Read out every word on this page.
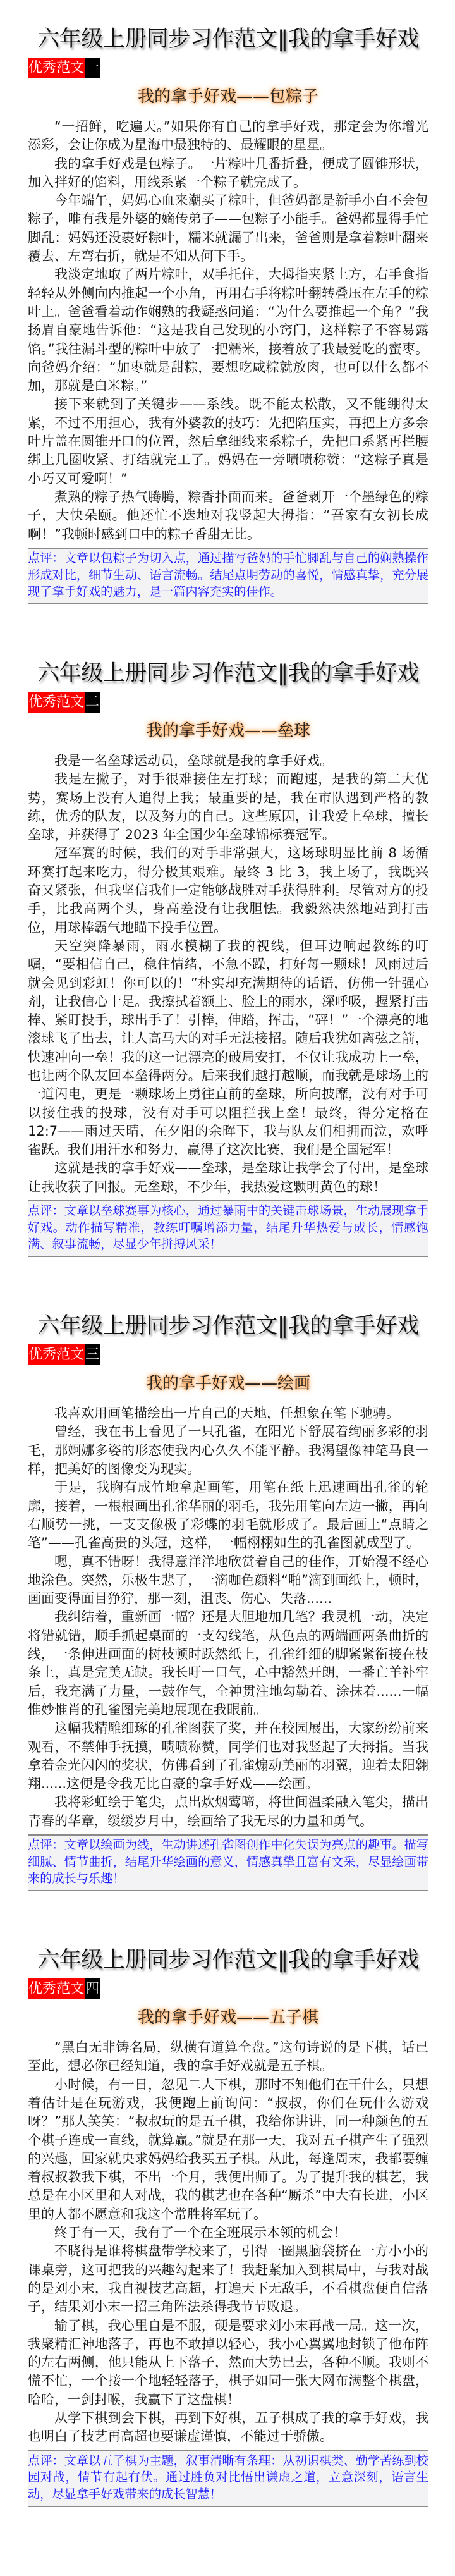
六年级上册同步习作范文‖我的拿手好戏
优秀范文 一
我的拿手好戏——包粽子

“一招鲜，吃遍天。”如果你有自己的拿手好戏，那定会为你增光添彩，会让你成为星海中最独特的、最耀眼的星星。

我的拿手好戏是包粽子。一片粽叶几番折叠，便成了圆锥形状，加入拌好的馅料，用线系紧一个粽子就完成了。

今年端午，妈妈心血来潮买了粽叶，但爸妈都是新手小白不会包粽子，唯有我是外婆的嫡传弟子——包粽子小能手。爸妈都显得手忙脚乱：妈妈还没裹好粽叶，糯米就漏了出来，爸爸则是拿着粽叶翻来覆去、左弯右折，就是不知从何下手。

我淡定地取了两片粽叶，双手托住，大拇指夹紧上方，右手食指轻轻从外侧向内推起一个小角，再用右手将粽叶翻转叠压在左手的粽叶上。爸爸看着动作娴熟的我疑惑问道：“为什么要推起一个角？”我扬眉自豪地告诉他：“这是我自己发现的小窍门，这样粽子不容易露馅。”我往漏斗型的粽叶中放了一把糯米，接着放了我最爱吃的蜜枣。向爸妈介绍：“加枣就是甜粽，要想吃咸粽就放肉，也可以什么都不加，那就是白米粽。”

接下来就到了关键步——系线。既不能太松散，又不能绷得太紧，不过不用担心，我有外婆教的技巧：先把陷压实，再把上方多余叶片盖在圆锥开口的位置，然后拿细线来系粽子，先把口系紧再拦腰绑上几圈收紧、打结就完工了。妈妈在一旁啧啧称赞：“这粽子真是小巧又可爱啊！”

煮熟的粽子热气腾腾，粽香扑面而来。爸爸剥开一个墨绿色的粽子，大快朵颐。他还忙不迭地对我竖起大拇指：“吾家有女初长成啊！”我顿时感到口中的粽子香甜无比。

点评：文章以包粽子为切入点，通过描写爸妈的手忙脚乱与自己的娴熟操作形成对比，细节生动、语言流畅。结尾点明劳动的喜悦，情感真挚，充分展现了拿手好戏的魅力，是一篇内容充实的佳作。

六年级上册同步习作范文‖我的拿手好戏
优秀范文 二
我的拿手好戏——垒球

我是一名垒球运动员，垒球就是我的拿手好戏。

我是左撇子，对手很难接住左打球；而跑速，是我的第二大优势，赛场上没有人追得上我；最重要的是，我在市队遇到严格的教练，优秀的队友，以及努力的自己。这些原因，让我爱上垒球，擅长垒球，并获得了 2023 年全国少年垒球锦标赛冠军。

冠军赛的时候，我们的对手非常强大，这场球明显比前 8 场循环赛打起来吃力，得分极其艰难。最终 3 比 3，我上场了，我既兴奋又紧张，但我坚信我们一定能够战胜对手获得胜利。尽管对方的投手，比我高两个头，身高差没有让我胆怯。我毅然决然地站到打击位，用球棒霸气地瞄下投手位置。

天空突降暴雨，雨水模糊了我的视线，但耳边响起教练的叮嘱，“要相信自己，稳住情绪，不急不躁，打好每一颗球！风雨过后就会见到彩虹！你可以的！”朴实却充满期待的话语，仿佛一针强心剂，让我信心十足。我擦拭着额上、脸上的雨水，深呼吸，握紧打击棒、紧盯投手，球出手了！引棒，伸踏，挥击，“砰！”一个漂亮的地滚球飞了出去，让人高马大的对手无法接招。随后我犹如离弦之箭，快速冲向一垒！我的这一记漂亮的破局安打，不仅让我成功上一垒，也让两个队友回本垒得两分。后来我们越打越顺，而我就是球场上的一道闪电，更是一颗球场上勇往直前的垒球，所向披靡，没有对手可以接住我的投球，没有对手可以阻拦我上垒！最终，得分定格在 12:7——雨过天晴，在夕阳的余晖下，我与队友们相拥而泣，欢呼雀跃。我们用汗水和努力，赢得了这次比赛，我们是全国冠军！

这就是我的拿手好戏——垒球，是垒球让我学会了付出，是垒球让我收获了回报。无垒球，不少年，我热爱这颗明黄色的球！

点评：文章以垒球赛事为核心，通过暴雨中的关键击球场景，生动展现拿手好戏。动作描写精准，教练叮嘱增添力量，结尾升华热爱与成长，情感饱满、叙事流畅，尽显少年拼搏风采！

六年级上册同步习作范文‖我的拿手好戏
优秀范文 三
我的拿手好戏——绘画

我喜欢用画笔描绘出一片自己的天地，任想象在笔下驰骋。

曾经，我在书上看见了一只孔雀，在阳光下舒展着绚丽多彩的羽毛，那婀娜多姿的形态使我内心久久不能平静。我渴望像神笔马良一样，把美好的图像变为现实。

于是，我胸有成竹地拿起画笔，用笔在纸上迅速画出孔雀的轮廓，接着，一根根画出孔雀华丽的羽毛，我先用笔向左边一撇，再向右顺势一挑，一支支像极了彩蝶的羽毛就形成了。最后画上“点睛之笔”——孔雀高贵的头冠，这样，一幅栩栩如生的孔雀图就成型了。

嗯，真不错呀！我得意洋洋地欣赏着自己的佳作，开始漫不经心地涂色。突然，乐极生悲了，一滴咖色颜料“啪”滴到画纸上，顿时，画面变得面目狰狞，那一刻，沮丧、伤心、失落......

我纠结着，重新画一幅？还是大胆地加几笔？我灵机一动，决定将错就错，顺手抓起桌面的一支勾线笔，从色点的两端画两条曲折的线，一条伸进画面的树枝顿时跃然纸上，孔雀纤细的脚紧紧衔接在枝条上，真是完美无缺。我长吁一口气，心中豁然开朗，一番亡羊补牢后，我充满了力量，一鼓作气，全神贯注地勾勒着、涂抹着......一幅惟妙惟肖的孔雀图完美地展现在我眼前。

这幅我精雕细琢的孔雀图获了奖，并在校园展出，大家纷纷前来观看，不禁伸手抚摸，啧啧称赞，同学们也对我竖起了大拇指。当我拿着金光闪闪的奖状，仿佛看到了孔雀煽动美丽的羽翼，迎着太阳翱翔......这便是令我无比自豪的拿手好戏——绘画。

我将彩虹绘于笔尖，点出炊烟莺啼，将世间温柔融入笔尖，描出青春的华章，缓缓岁月中，绘画给了我无尽的力量和勇气。

点评：文章以绘画为线，生动讲述孔雀图创作中化失误为亮点的趣事。描写细腻、情节曲折，结尾升华绘画的意义，情感真挚且富有文采，尽显绘画带来的成长与乐趣！

六年级上册同步习作范文‖我的拿手好戏
优秀范文 四
我的拿手好戏——五子棋

“黑白无非铸名局，纵横有道算全盘。”这句诗说的是下棋，话已至此，想必你已经知道，我的拿手好戏就是五子棋。

小时候，有一日，忽见二人下棋，那时不知他们在干什么，只想着估计是在玩游戏，我便跑上前询问：“叔叔，你们在玩什么游戏呀？”那人笑笑：“叔叔玩的是五子棋，我给你讲讲，同一种颜色的五个棋子连成一直线，就算赢。”就是在那一天，我对五子棋产生了强烈的兴趣，回家就央求妈妈给我买五子棋。从此，每逢周末，我都要缠着叔叔教我下棋，不出一个月，我便出师了。为了提升我的棋艺，我总是在小区里和人对战，我的棋艺也在各种“厮杀”中大有长进，小区里的人都不愿意和我这个常胜将军玩了。

终于有一天，我有了一个在全班展示本领的机会！

不晓得是谁将棋盘带学校来了，引得一圈黑脑袋挤在一方小小的课桌旁，这可把我的兴趣勾起来了！我赶紧加入到棋局中，与我对战的是刘小末，我自视技艺高超，打遍天下无敌手，不看棋盘便自信落子，结果刘小末一招三角阵法杀得我节节败退。

输了棋，我心里自是不服，硬是要求刘小末再战一局。这一次，我聚精汇神地落子，再也不敢掉以轻心，我小心翼翼地封锁了他布阵的左右两侧，他只能从上下落子，然而大势已去，各种不顺。我则不慌不忙，一个接一个地轻轻落子，棋子如同一张大网布满整个棋盘，哈哈，一剑封喉，我赢下了这盘棋！

从学下棋到会下棋，再到下好棋，五子棋成了我的拿手好戏，我也明白了技艺再高超也要谦虚谨慎，不能过于骄傲。

点评：文章以五子棋为主题，叙事清晰有条理：从初识棋类、勤学苦练到校园对战，情节有起有伏。通过胜负对比悟出谦虚之道，立意深刻，语言生动，尽显拿手好戏带来的成长智慧！
